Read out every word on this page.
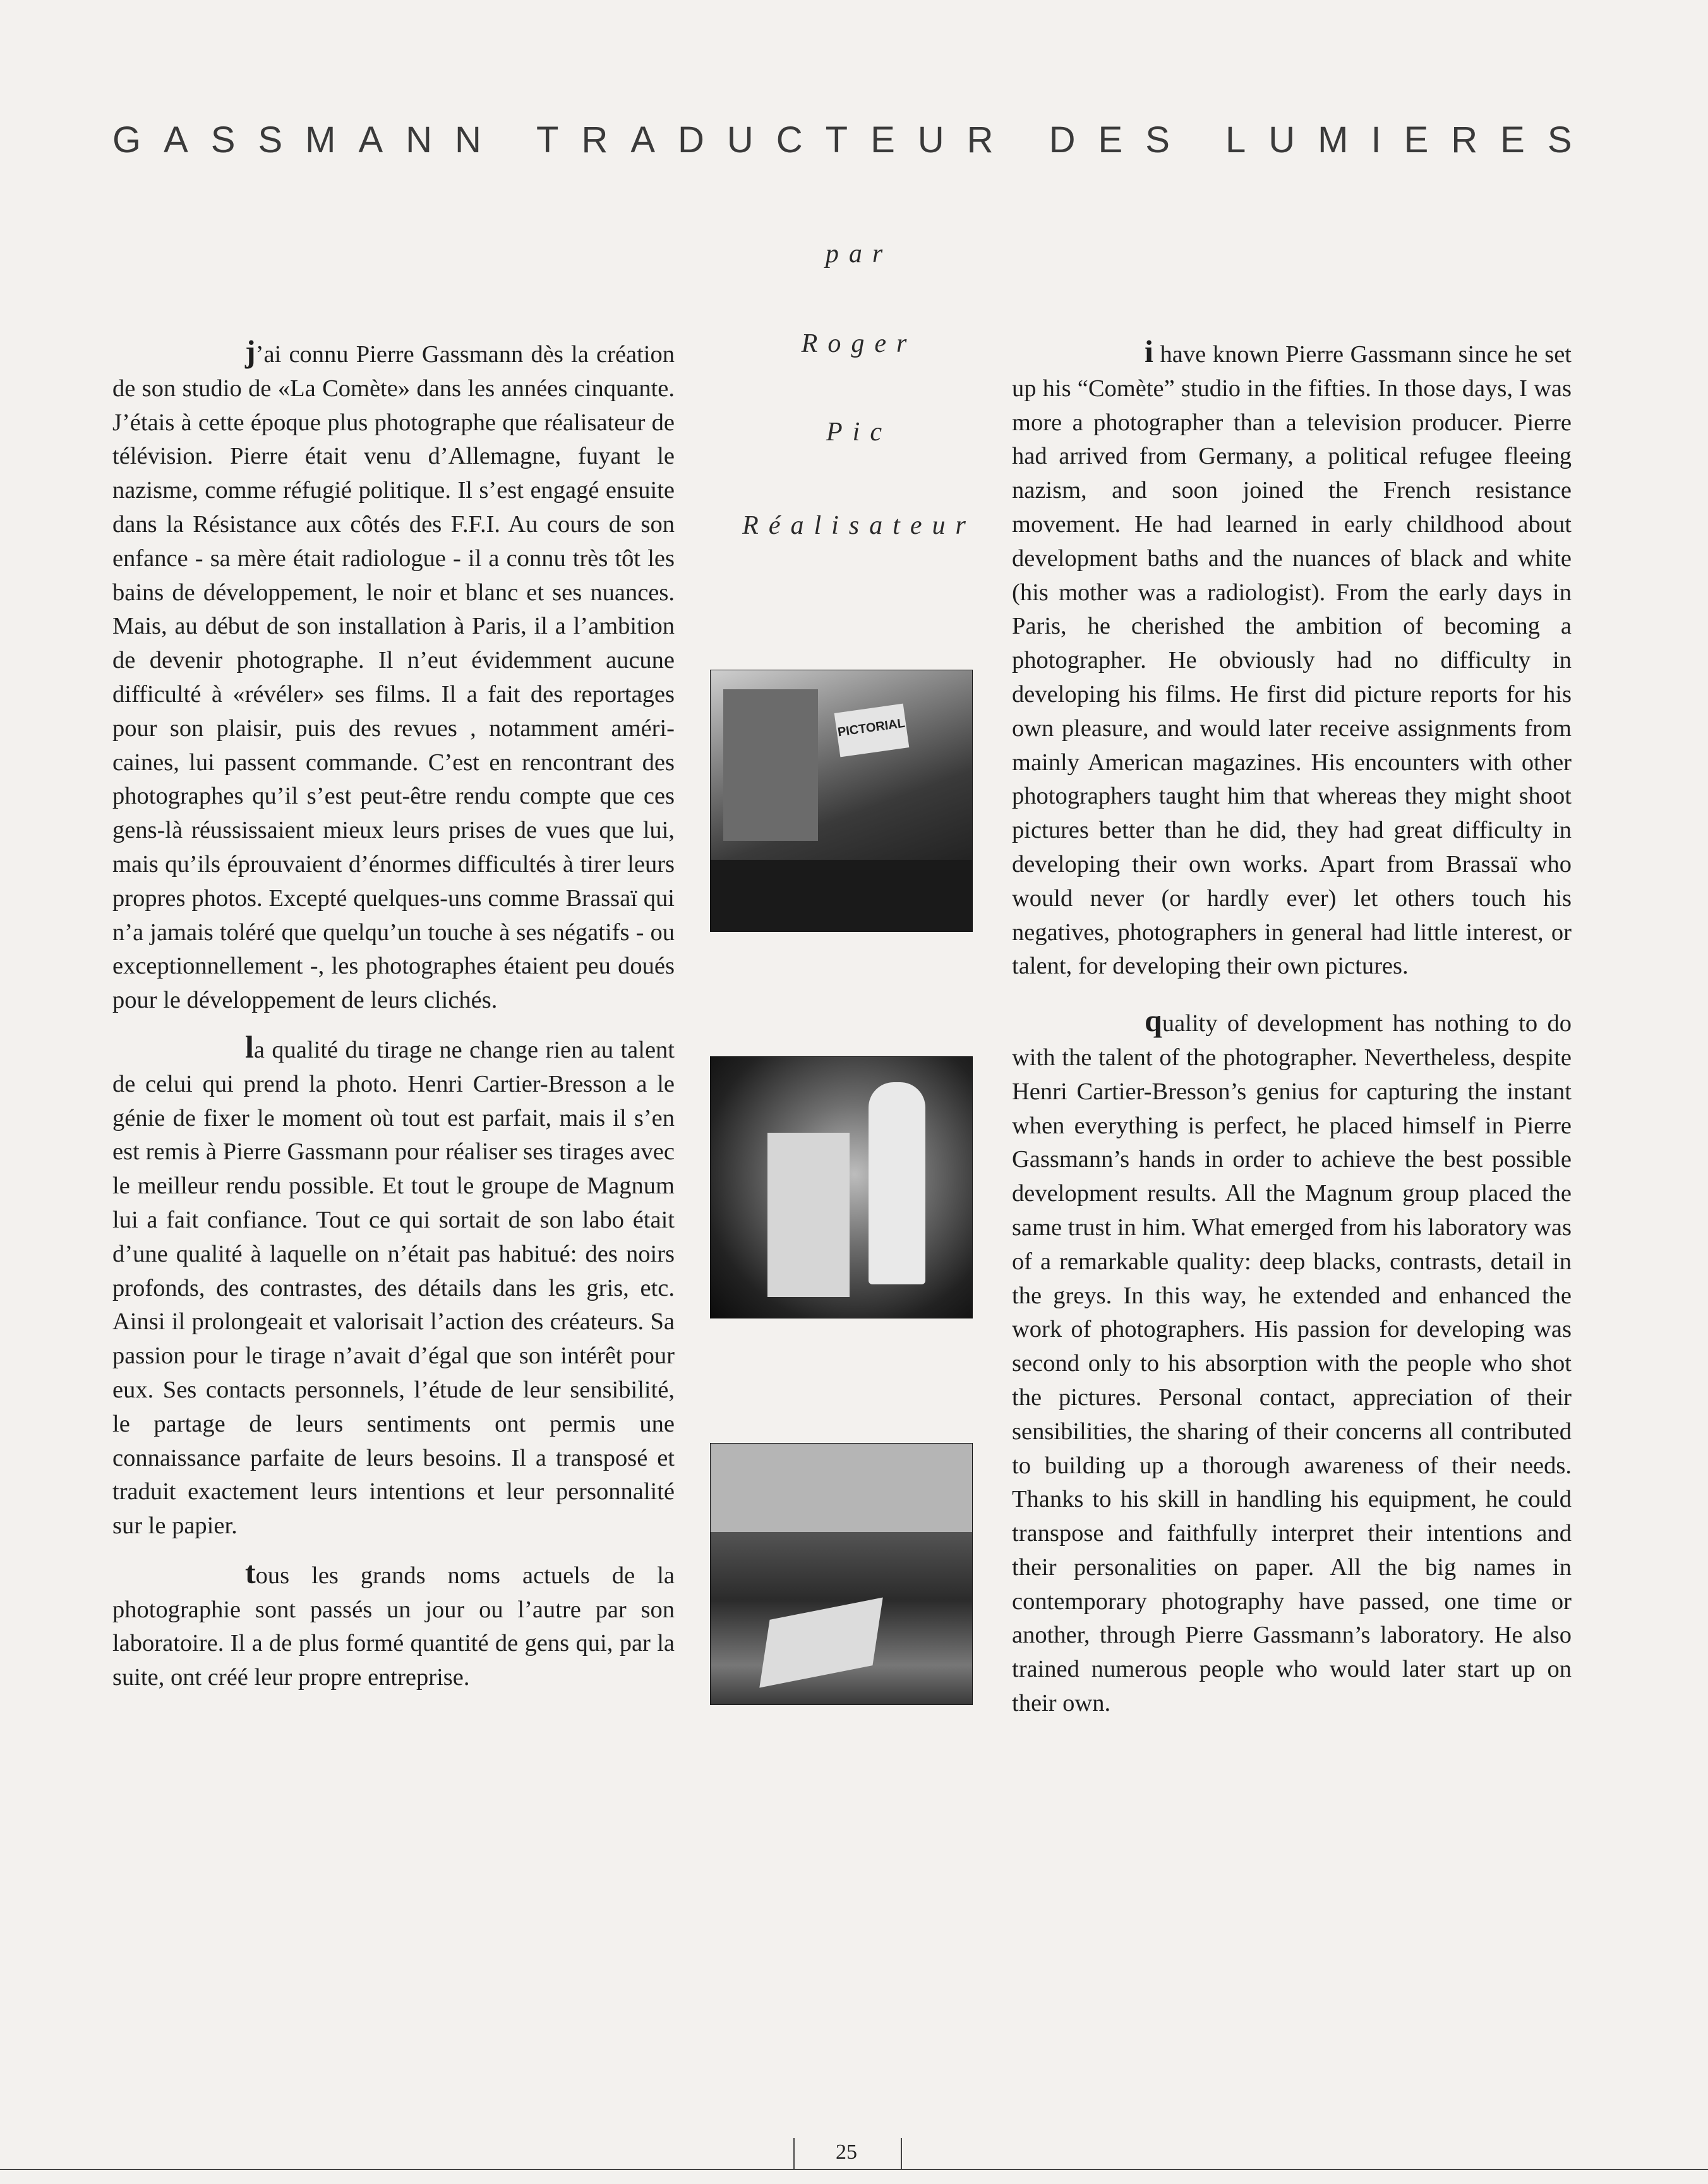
GASSMANN TRADUCTEUR DES LUMIERES
par
Roger
Pic
Réalisateur

j’ai connu Pierre Gassmann dès la création de son studio de «La Comète» dans les années cinquante. J’étais à cette époque plus photographe que réalisateur de télévision. Pierre était venu d’Allemagne, fuyant le nazisme, comme réfugié politique. Il s’est engagé ensuite dans la Résistance aux côtés des F.F.I. Au cours de son enfance - sa mère était radiologue - il a connu très tôt les bains de développement, le noir et blanc et ses nuances. Mais, au début de son installation à Paris, il a l’ambition de devenir photographe. Il n’eut évidemment aucune difficulté à «révéler» ses films. Il a fait des reportages pour son plaisir, puis des revues , notamment américaines, lui passent commande. C’est en rencontrant des photographes qu’il s’est peut-être rendu compte que ces gens-là réussissaient mieux leurs prises de vues que lui, mais qu’ils éprouvaient d’énormes difficultés à tirer leurs propres photos. Excepté quelques-uns comme Brassaï qui n’a jamais toléré que quelqu’un touche à ses négatifs - ou exceptionnellement -, les photographes étaient peu doués pour le développement de leurs clichés.

la qualité du tirage ne change rien au talent de celui qui prend la photo. Henri Cartier-Bresson a le génie de fixer le moment où tout est parfait, mais il s’en est remis à Pierre Gassmann pour réaliser ses tirages avec le meilleur rendu possible. Et tout le groupe de Magnum lui a fait confiance. Tout ce qui sortait de son labo était d’une qualité à laquelle on n’était pas habitué: des noirs profonds, des contrastes, des détails dans les gris, etc. Ainsi il prolongeait et valorisait l’action des créateurs. Sa passion pour le tirage n’avait d’égal que son intérêt pour eux. Ses contacts personnels, l’étude de leur sensibilité, le partage de leurs sentiments ont permis une connaissance parfaite de leurs besoins. Il a transposé et traduit exactement leurs intentions et leur personnalité sur le papier.

tous les grands noms actuels de la photographie sont passés un jour ou l’autre par son laboratoire. Il a de plus formé quantité de gens qui, par la suite, ont créé leur propre entreprise.

PICTORIAL

i have known Pierre Gassmann since he set up his “Comète” studio in the fifties. In those days, I was more a photographer than a television producer. Pierre had arrived from Germany, a political refugee fleeing nazism, and soon joined the French resistance movement. He had learned in early childhood about development baths and the nuances of black and white (his mother was a radiologist). From the early days in Paris, he cherished the ambition of becoming a photographer. He obviously had no difficulty in developing his films. He first did picture reports for his own pleasure, and would later receive assignments from mainly American magazines. His encounters with other photographers taught him that whereas they might shoot pictures better than he did, they had great difficulty in developing their own works. Apart from Brassaï who would never (or hardly ever) let others touch his negatives, photographers in general had little interest, or talent, for developing their own pictures.

quality of development has nothing to do with the talent of the photographer. Nevertheless, despite Henri Cartier-Bresson’s genius for capturing the instant when everything is perfect, he placed himself in Pierre Gassmann’s hands in order to achieve the best possible development results. All the Magnum group placed the same trust in him. What emerged from his laboratory was of a remarkable quality: deep blacks, contrasts, detail in the greys. In this way, he extended and enhanced the work of photographers. His passion for developing was second only to his absorption with the people who shot the pictures. Personal contact, appreciation of their sensibilities, the sharing of their concerns all contributed to building up a thorough awareness of their needs. Thanks to his skill in handling his equipment, he could transpose and faithfully interpret their intentions and their personalities on paper. All the big names in contemporary photography have passed, one time or another, through Pierre Gassmann’s laboratory. He also trained numerous people who would later start up on their own.

25
